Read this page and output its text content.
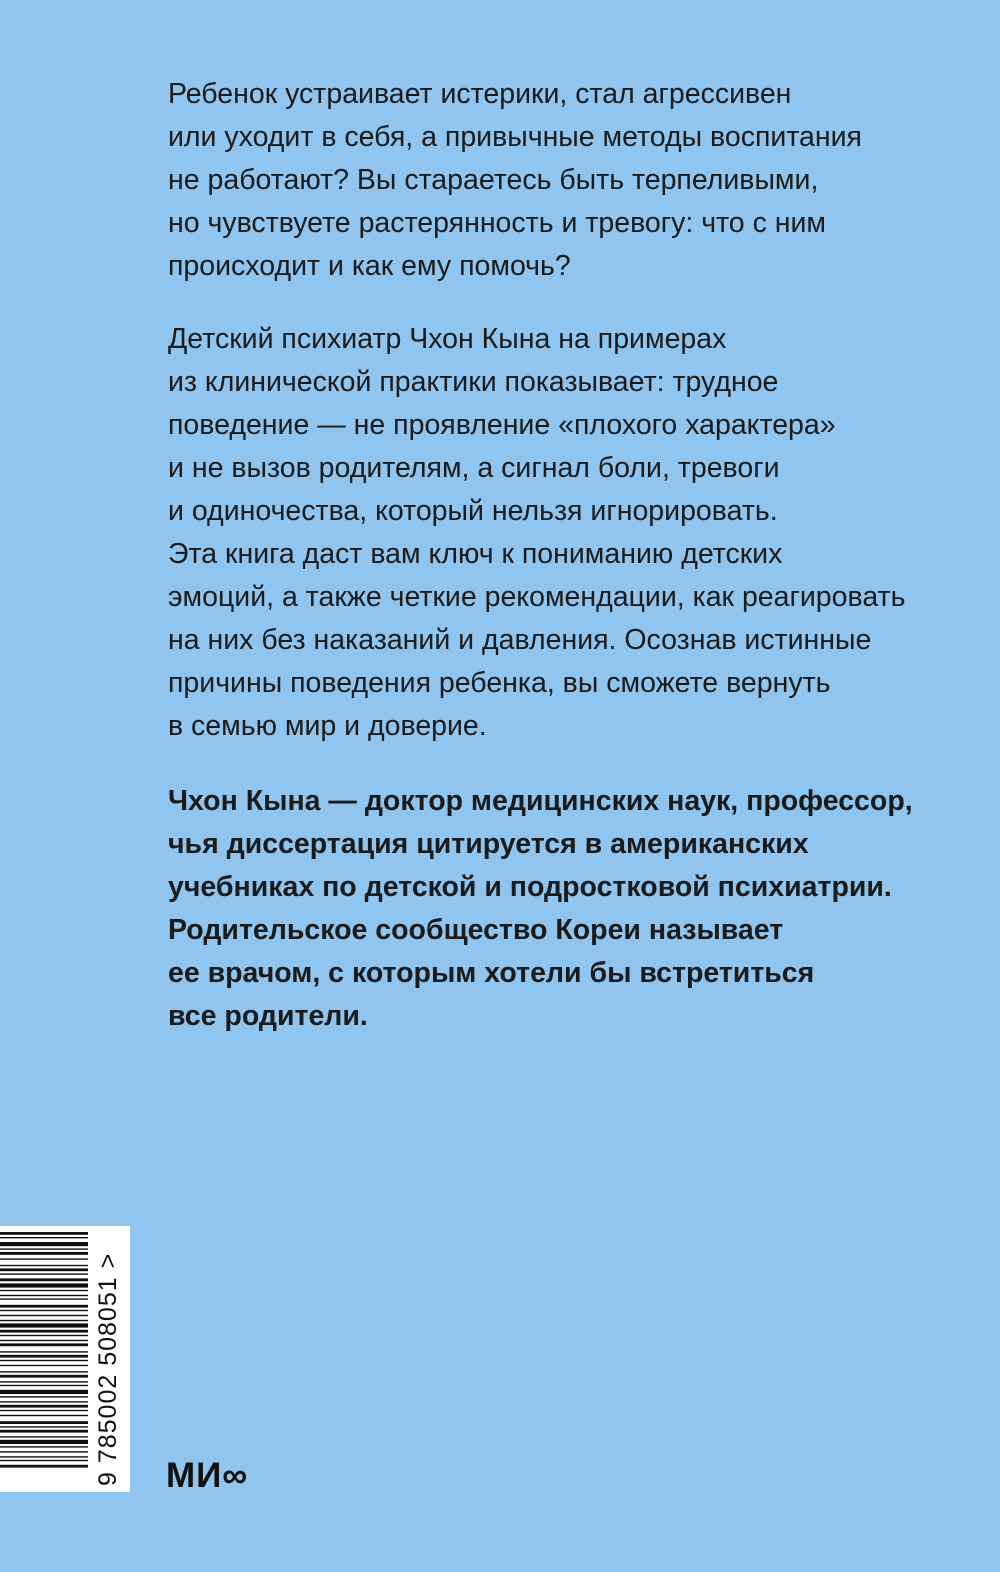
Ребенок устраивает истерики, стал агрессивен
или уходит в себя, а привычные методы воспитания
не работают? Вы стараетесь быть терпеливыми,
но чувствуете растерянность и тревогу: что с ним
происходит и как ему помочь?
Детский психиатр Чхон Кына на примерах
из клинической практики показывает: трудное
поведение — не проявление «плохого характера»
и не вызов родителям, а сигнал боли, тревоги
и одиночества, который нельзя игнорировать.
Эта книга даст вам ключ к пониманию детских
эмоций, а также четкие рекомендации, как реагировать
на них без наказаний и давления. Осознав истинные
причины поведения ребенка, вы сможете вернуть
в семью мир и доверие.
Чхон Кына — доктор медицинских наук, профессор,
чья диссертация цитируется в американских
учебниках по детской и подростковой психиатрии.
Родительское сообщество Кореи называет
ее врачом, с которым хотели бы встретиться
все родители.
9 785002 508051 > МИ∞
